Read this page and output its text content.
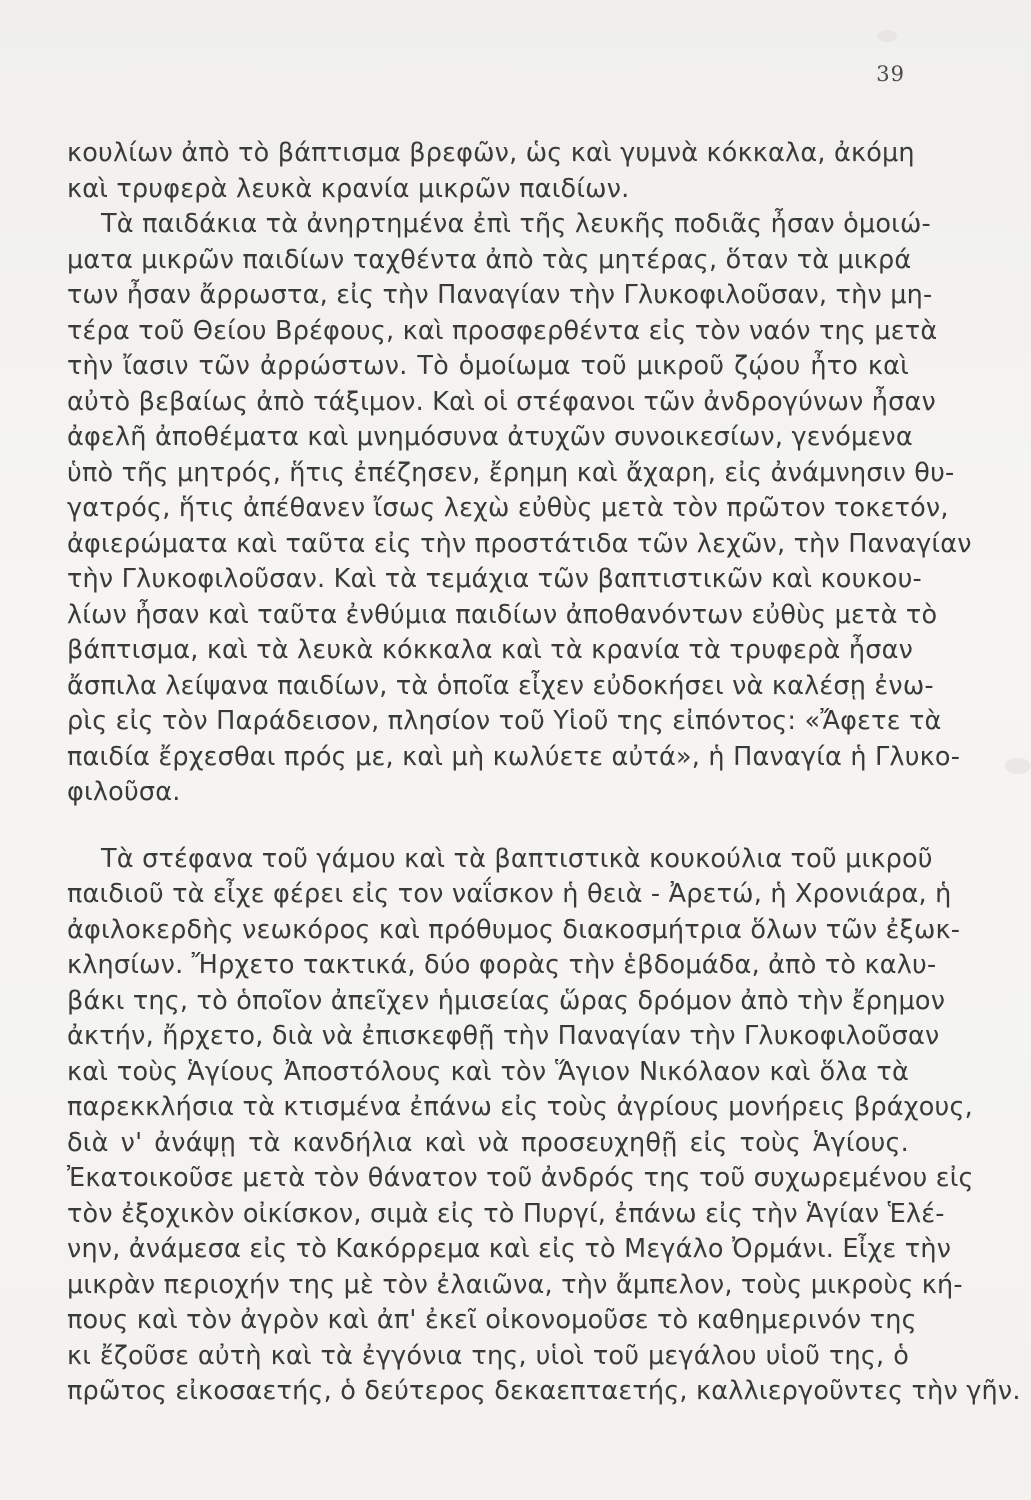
39
κουλίων ἀπὸ τὸ βάπτισμα βρεφῶν, ὡς καὶ γυμνὰ κόκκαλα, ἀκόμη
καὶ τρυφερὰ λευκὰ κρανία μικρῶν παιδίων.
Τὰ παιδάκια τὰ ἀνηρτημένα ἐπὶ τῆς λευκῆς ποδιᾶς ἦσαν ὁμοιώ-
ματα μικρῶν παιδίων ταχθέντα ἀπὸ τὰς μητέρας, ὅταν τὰ μικρά
των ἦσαν ἄρρωστα, εἰς τὴν Παναγίαν τὴν Γλυκοφιλοῦσαν, τὴν μη-
τέρα τοῦ Θείου Βρέφους, καὶ προσφερθέντα εἰς τὸν ναόν της μετὰ
τὴν ἴασιν τῶν ἀρρώστων. Τὸ ὁμοίωμα τοῦ μικροῦ ζῴου ἦτο καὶ
αὐτὸ βεβαίως ἀπὸ τάξιμον. Καὶ οἱ στέφανοι τῶν ἀνδρογύνων ἦσαν
ἀφελῆ ἀποθέματα καὶ μνημόσυνα ἀτυχῶν συνοικεσίων, γενόμενα
ὑπὸ τῆς μητρός, ἥτις ἐπέζησεν, ἔρημη καὶ ἄχαρη, εἰς ἀνάμνησιν θυ-
γατρός, ἥτις ἀπέθανεν ἴσως λεχὼ εὐθὺς μετὰ τὸν πρῶτον τοκετόν,
ἀφιερώματα καὶ ταῦτα εἰς τὴν προστάτιδα τῶν λεχῶν, τὴν Παναγίαν
τὴν Γλυκοφιλοῦσαν. Καὶ τὰ τεμάχια τῶν βαπτιστικῶν καὶ κουκου-
λίων ἦσαν καὶ ταῦτα ἐνθύμια παιδίων ἀποθανόντων εὐθὺς μετὰ τὸ
βάπτισμα, καὶ τὰ λευκὰ κόκκαλα καὶ τὰ κρανία τὰ τρυφερὰ ἦσαν
ἄσπιλα λείψανα παιδίων, τὰ ὁποῖα εἶχεν εὐδοκήσει νὰ καλέσῃ ἐνω-
ρὶς εἰς τὸν Παράδεισον, πλησίον τοῦ Υἱοῦ της εἰπόντος: «Ἄφετε τὰ
παιδία ἔρχεσθαι πρός με, καὶ μὴ κωλύετε αὐτά», ἡ Παναγία ἡ Γλυκο-
φιλοῦσα.
Τὰ στέφανα τοῦ γάμου καὶ τὰ βαπτιστικὰ κουκούλια τοῦ μικροῦ
παιδιοῦ τὰ εἶχε φέρει εἰς τον ναΐσκον ἡ θειὰ - Ἀρετώ, ἡ Χρονιάρα, ἡ
ἀφιλοκερδὴς νεωκόρος καὶ πρόθυμος διακοσμήτρια ὅλων τῶν ἐξωκ-
κλησίων. Ἤρχετο τακτικά, δύο φορὰς τὴν ἑβδομάδα, ἀπὸ τὸ καλυ-
βάκι της, τὸ ὁποῖον ἀπεῖχεν ἡμισείας ὥρας δρόμον ἀπὸ τὴν ἔρημον
ἀκτήν, ἤρχετο, διὰ νὰ ἐπισκεφθῇ τὴν Παναγίαν τὴν Γλυκοφιλοῦσαν
καὶ τοὺς Ἁγίους Ἀποστόλους καὶ τὸν Ἅγιον Νικόλαον καὶ ὅλα τὰ
παρεκκλήσια τὰ κτισμένα ἐπάνω εἰς τοὺς ἀγρίους μονήρεις βράχους,
διὰ ν' ἀνάψῃ τὰ κανδήλια καὶ νὰ προσευχηθῇ εἰς τοὺς Ἁγίους.
Ἐκατοικοῦσε μετὰ τὸν θάνατον τοῦ ἀνδρός της τοῦ συχωρεμένου εἰς
τὸν ἐξοχικὸν οἰκίσκον, σιμὰ εἰς τὸ Πυργί, ἐπάνω εἰς τὴν Ἁγίαν Ἑλέ-
νην, ἀνάμεσα εἰς τὸ Κακόρρεμα καὶ εἰς τὸ Μεγάλο Ὀρμάνι. Εἶχε τὴν
μικρὰν περιοχήν της μὲ τὸν ἐλαιῶνα, τὴν ἄμπελον, τοὺς μικροὺς κή-
πους καὶ τὸν ἀγρὸν καὶ ἀπ' ἐκεῖ οἰκονομοῦσε τὸ καθημερινόν της
κι ἔζοῦσε αὐτὴ καὶ τὰ ἐγγόνια της, υἱοὶ τοῦ μεγάλου υἱοῦ της, ὁ
πρῶτος εἰκοσαετής, ὁ δεύτερος δεκαεπταετής, καλλιεργοῦντες τὴν γῆν.
